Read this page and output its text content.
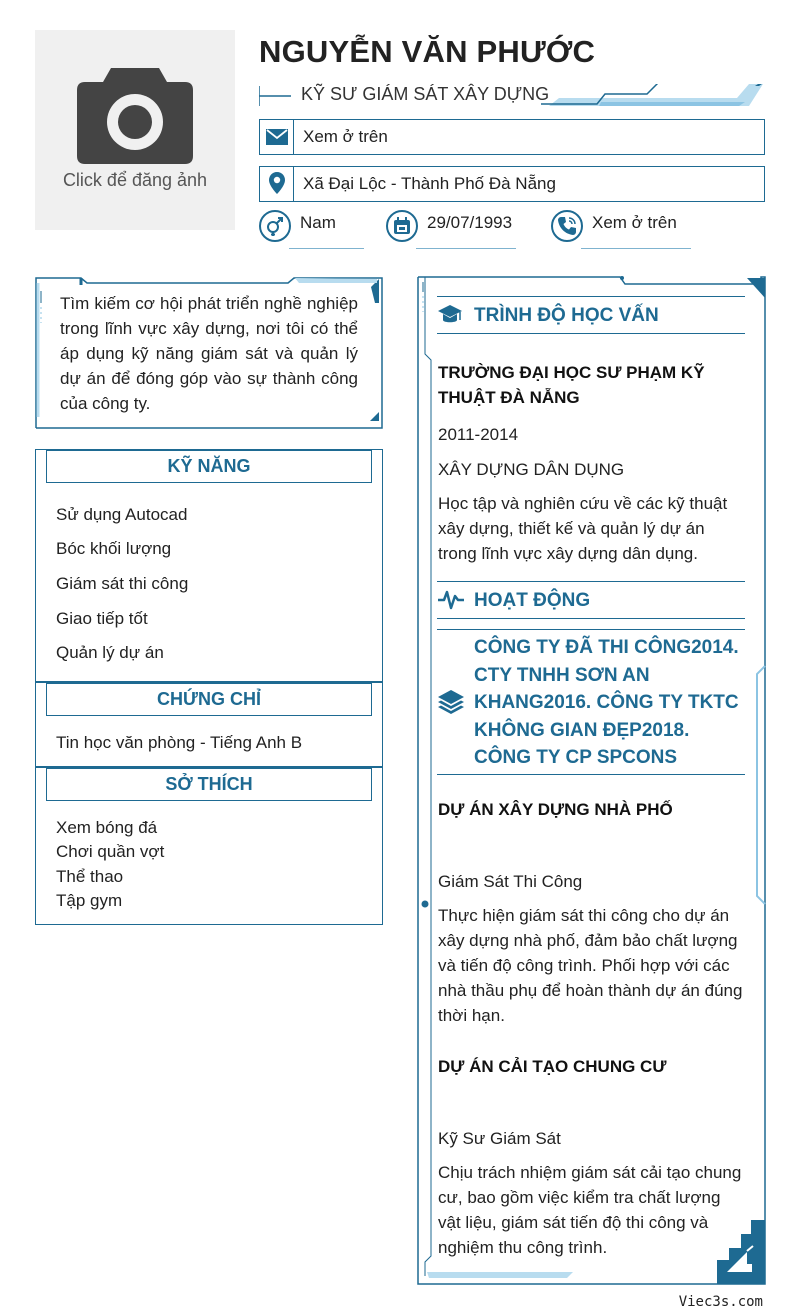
Click để đăng ảnh
NGUYỄN VĂN PHƯỚC
KỸ SƯ GIÁM SÁT XÂY DỰNG
Xem ở trên
Xã Đại Lộc - Thành Phố Đà Nẵng
Nam	29/07/1993	Xem ở trên
Tìm kiếm cơ hội phát triển nghề nghiệp trong lĩnh vực xây dựng, nơi tôi có thể áp dụng kỹ năng giám sát và quản lý dự án để đóng góp vào sự thành công của công ty.
KỸ NĂNG
Sử dụng Autocad
Bóc khối lượng
Giám sát thi công
Giao tiếp tốt
Quản lý dự án
CHỨNG CHỈ
Tin học văn phòng - Tiếng Anh B
SỞ THÍCH
Xem bóng đá
Chơi quần vợt
Thể thao
Tập gym
TRÌNH ĐỘ HỌC VẤN
TRƯỜNG ĐẠI HỌC SƯ PHẠM KỸ THUẬT ĐÀ NẴNG
2011-2014
XÂY DỰNG DÂN DỤNG
Học tập và nghiên cứu về các kỹ thuật xây dựng, thiết kế và quản lý dự án trong lĩnh vực xây dựng dân dụng.
HOẠT ĐỘNG
CÔNG TY ĐÃ THI CÔNG2014. CTY TNHH SƠN AN KHANG2016. CÔNG TY TKTC KHÔNG GIAN ĐẸP2018. CÔNG TY CP SPCONS
DỰ ÁN XÂY DỰNG NHÀ PHỐ
Giám Sát Thi Công
Thực hiện giám sát thi công cho dự án xây dựng nhà phố, đảm bảo chất lượng và tiến độ công trình. Phối hợp với các nhà thầu phụ để hoàn thành dự án đúng thời hạn.
DỰ ÁN CẢI TẠO CHUNG CƯ
Kỹ Sư Giám Sát
Chịu trách nhiệm giám sát cải tạo chung cư, bao gồm việc kiểm tra chất lượng vật liệu, giám sát tiến độ thi công và nghiệm thu công trình.
Viec3s.com
